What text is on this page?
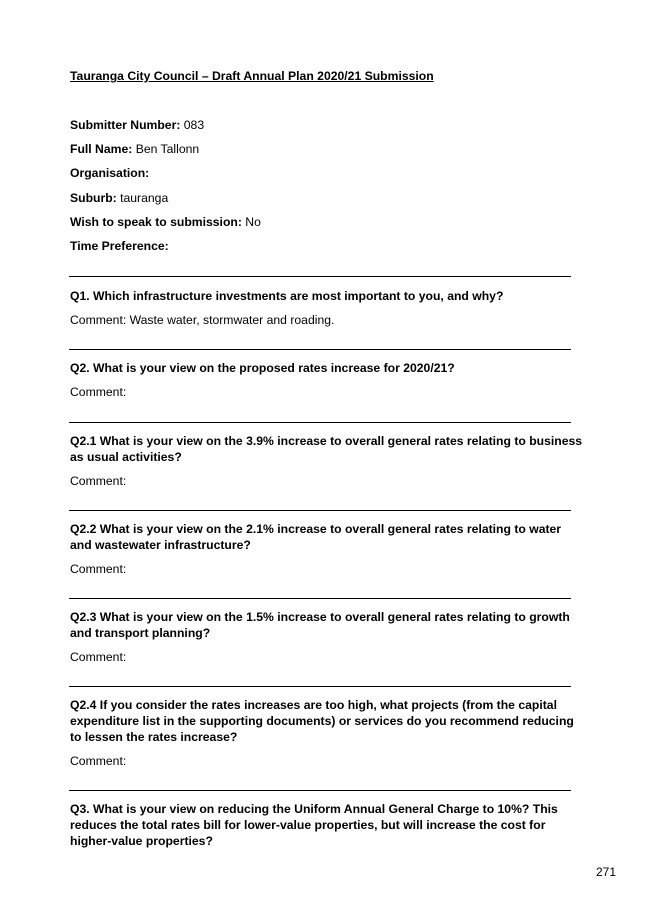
Tauranga City Council – Draft Annual Plan 2020/21 Submission
Submitter Number: 083
Full Name: Ben Tallonn
Organisation:
Suburb: tauranga
Wish to speak to submission: No
Time Preference:
Q1. Which infrastructure investments are most important to you, and why?
Comment: Waste water, stormwater and roading.
Q2. What is your view on the proposed rates increase for 2020/21?
Comment:
Q2.1 What is your view on the 3.9% increase to overall general rates relating to business as usual activities?
Comment:
Q2.2 What is your view on the 2.1% increase to overall general rates relating to water and wastewater infrastructure?
Comment:
Q2.3 What is your view on the 1.5% increase to overall general rates relating to growth and transport planning?
Comment:
Q2.4 If you consider the rates increases are too high, what projects (from the capital expenditure list in the supporting documents) or services do you recommend reducing to lessen the rates increase?
Comment:
Q3. What is your view on reducing the Uniform Annual General Charge to 10%? This reduces the total rates bill for lower-value properties, but will increase the cost for higher-value properties?
271
